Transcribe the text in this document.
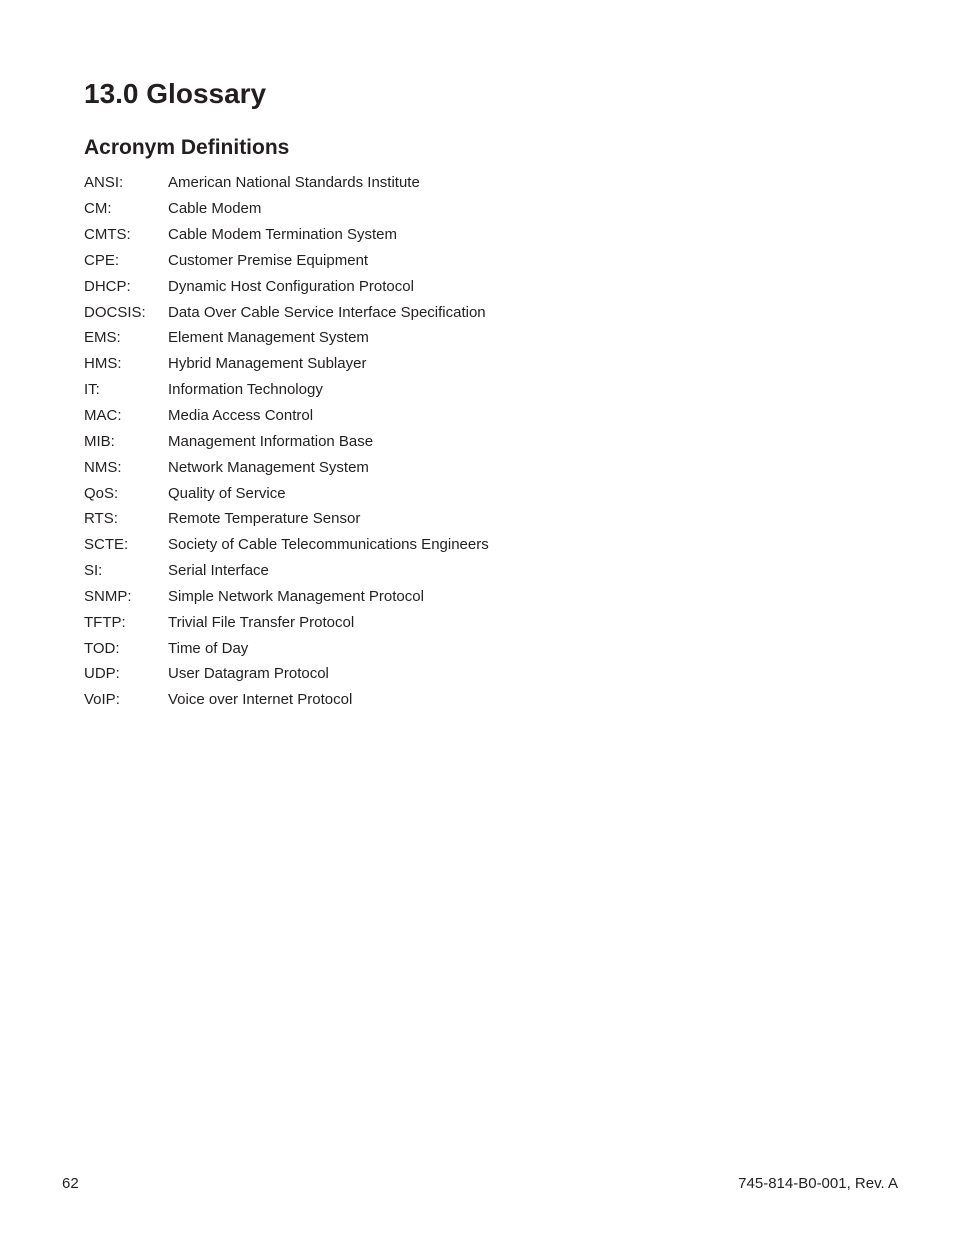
13.0 Glossary
Acronym Definitions
ANSI:	American National Standards Institute
CM:	Cable Modem
CMTS:	Cable Modem Termination System
CPE:	Customer Premise Equipment
DHCP:	Dynamic Host Configuration Protocol
DOCSIS:	Data Over Cable Service Interface Specification
EMS:	Element Management System
HMS:	Hybrid Management Sublayer
IT:	Information Technology
MAC:	Media Access Control
MIB:	Management Information Base
NMS:	Network Management System
QoS:	Quality of Service
RTS:	Remote Temperature Sensor
SCTE:	Society of Cable Telecommunications Engineers
SI:	Serial Interface
SNMP:	Simple Network Management Protocol
TFTP:	Trivial File Transfer Protocol
TOD:	Time of Day
UDP:	User Datagram Protocol
VoIP:	Voice over Internet Protocol
62	745-814-B0-001, Rev. A
